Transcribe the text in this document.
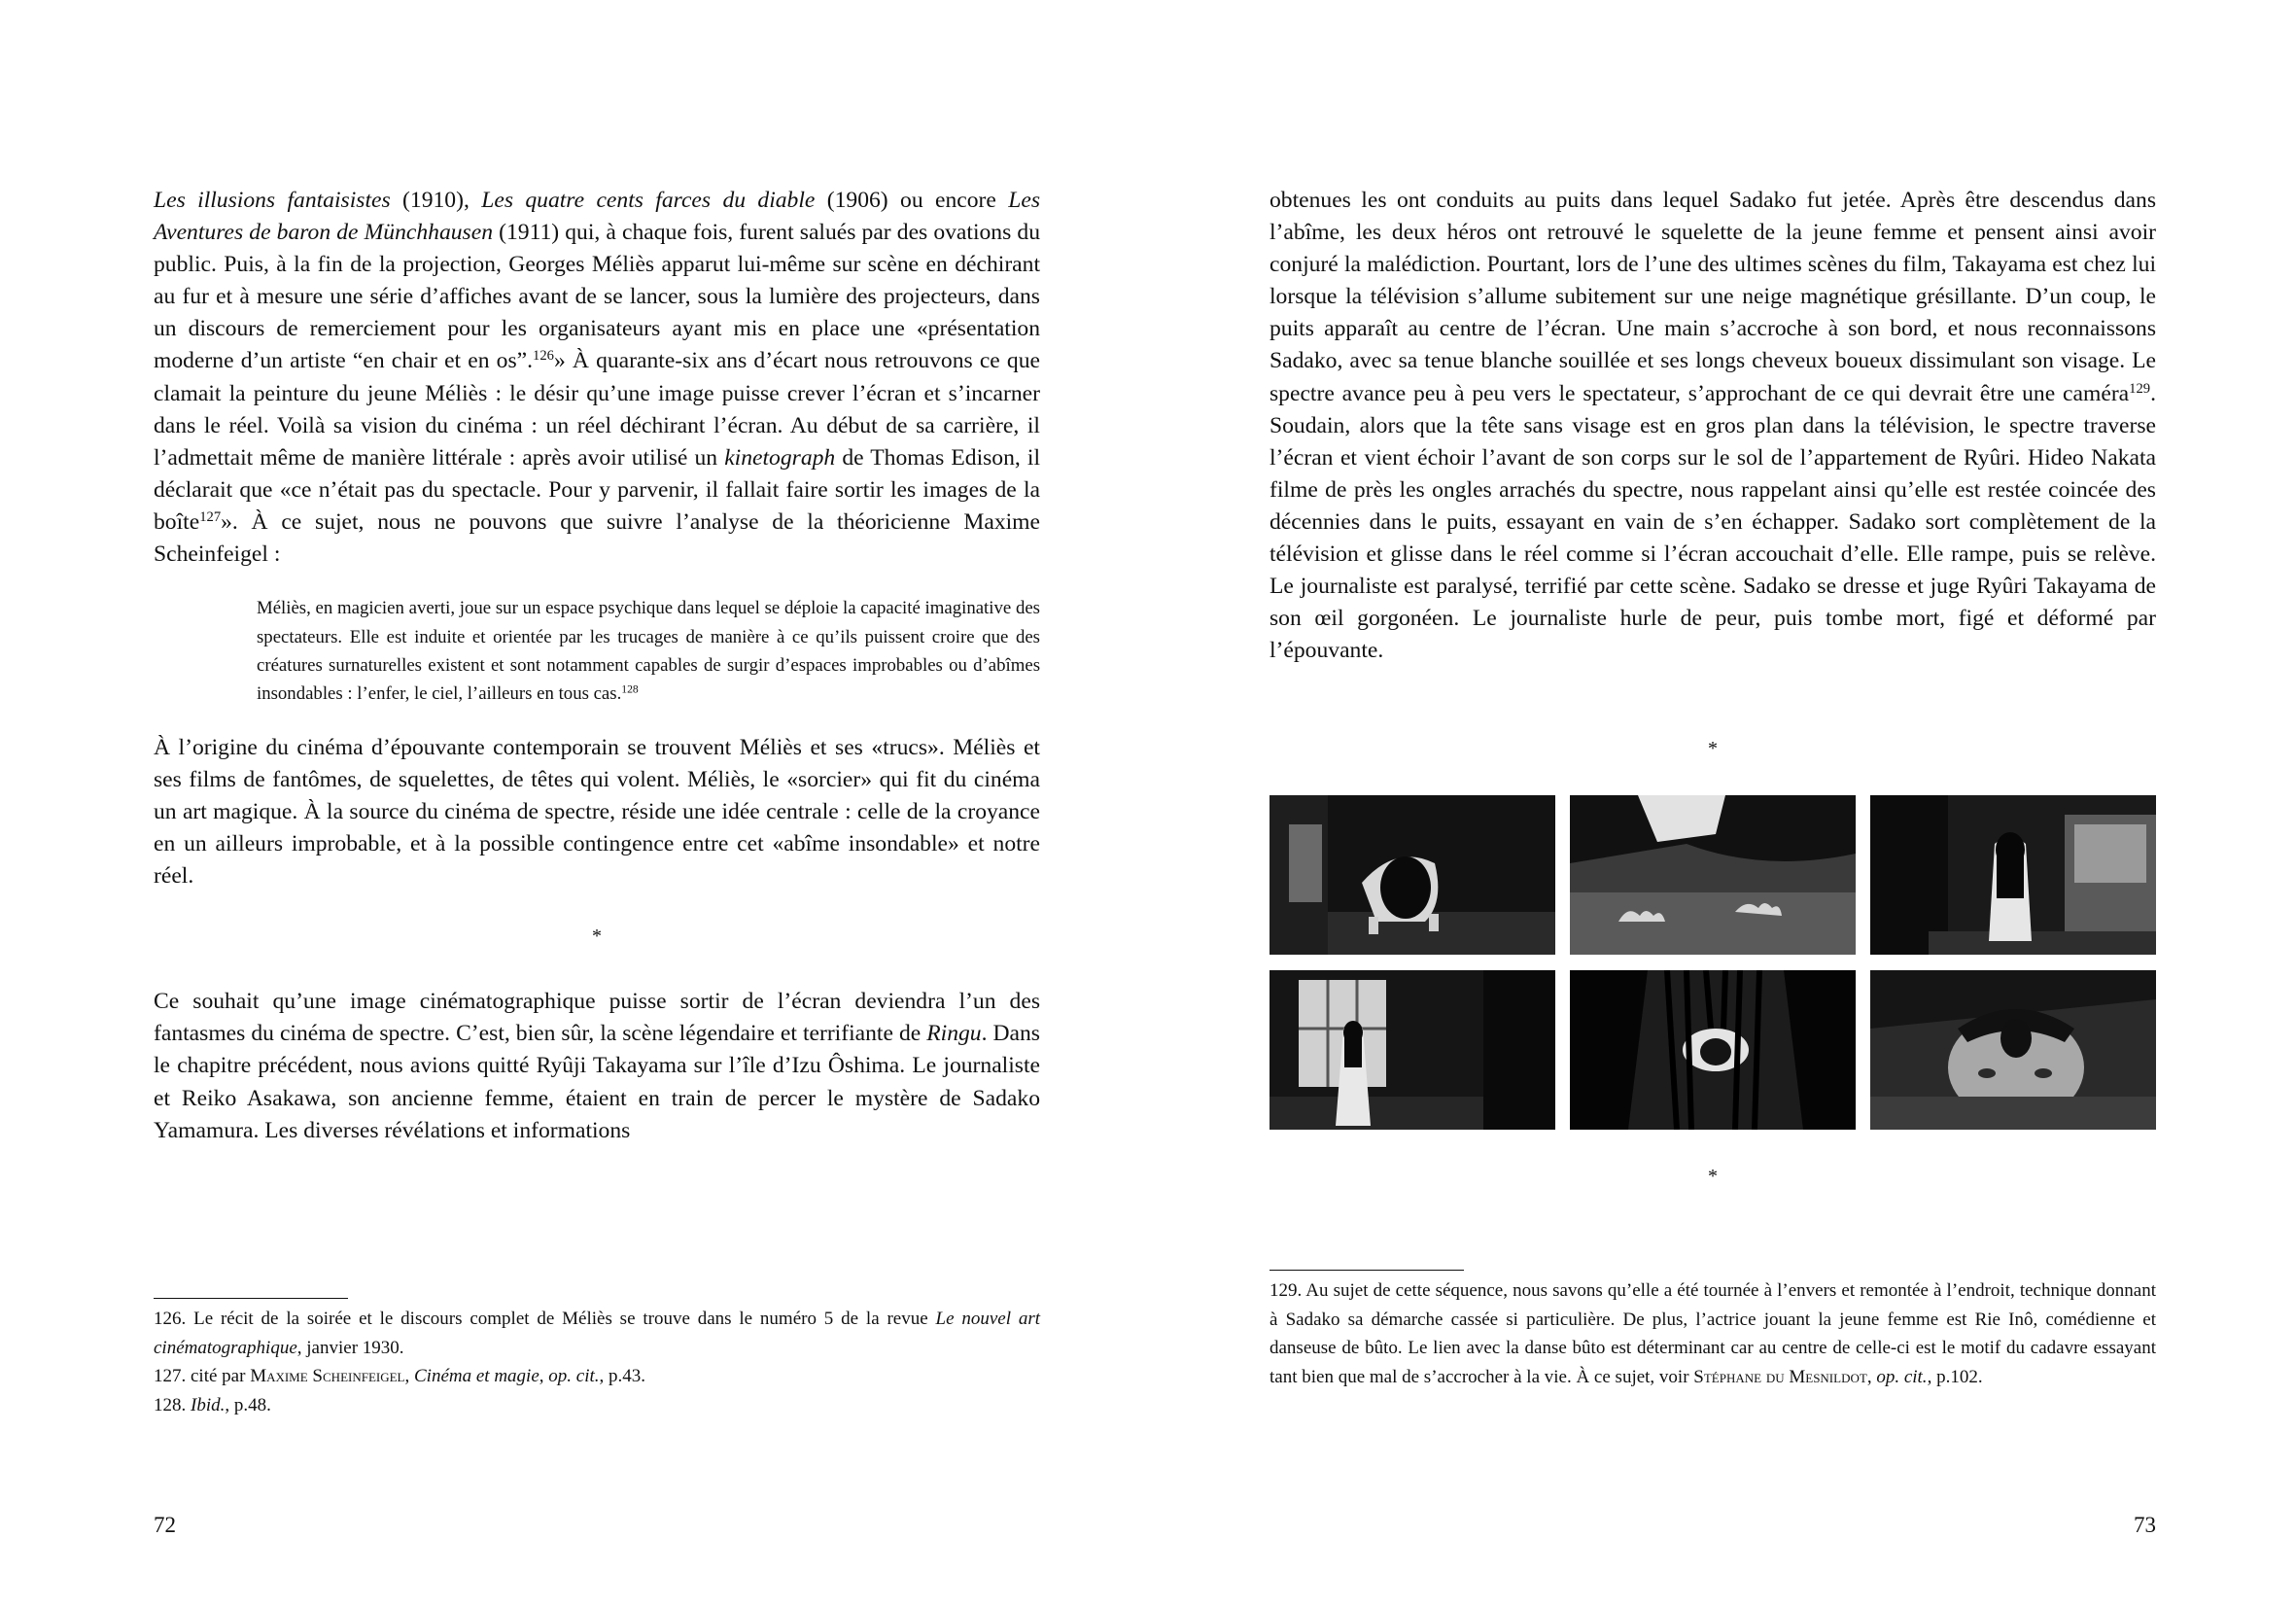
Les illusions fantaisistes (1910), Les quatre cents farces du diable (1906) ou encore Les Aventures de baron de Münchhausen (1911) qui, à chaque fois, furent salués par des ovations du public. Puis, à la fin de la projection, Georges Méliès apparut lui-même sur scène en déchirant au fur et à mesure une série d’affiches avant de se lancer, sous la lumière des projecteurs, dans un discours de remerciement pour les organisateurs ayant mis en place une «présentation moderne d’un artiste “en chair et en os”.$^{126}$» À quarante-six ans d’écart nous retrouvons ce que clamait la peinture du jeune Méliès : le désir qu’une image puisse crever l’écran et s’incarner dans le réel. Voilà sa vision du cinéma : un réel déchirant l’écran. Au début de sa carrière, il l’admettait même de manière littérale : après avoir utilisé un kinetograph de Thomas Edison, il déclarait que «ce n’était pas du spectacle. Pour y parvenir, il fallait faire sortir les images de la boîte$^{127}$». À ce sujet, nous ne pouvons que suivre l’analyse de la théoricienne Maxime Scheinfeigel :

Méliès, en magicien averti, joue sur un espace psychique dans lequel se déploie la capacité imaginative des spectateurs. Elle est induite et orientée par les trucages de manière à ce qu’ils puissent croire que des créatures surnaturelles existent et sont notamment capables de surgir d’espaces improbables ou d’abîmes insondables : l’enfer, le ciel, l’ailleurs en tous cas.$^{128}$

À l’origine du cinéma d’épouvante contemporain se trouvent Méliès et ses «trucs». Méliès et ses films de fantômes, de squelettes, de têtes qui volent. Méliès, le «sorcier» qui fit du cinéma un art magique. À la source du cinéma de spectre, réside une idée centrale : celle de la croyance en un ailleurs improbable, et à la possible contingence entre cet «abîme insondable» et notre réel.

*

Ce souhait qu’une image cinématographique puisse sortir de l’écran deviendra l’un des fantasmes du cinéma de spectre. C’est, bien sûr, la scène légendaire et terrifiante de Ringu. Dans le chapitre précédent, nous avions quitté Ryûji Takayama sur l’île d’Izu Ôshima. Le journaliste et Reiko Asakawa, son ancienne femme, étaient en train de percer le mystère de Sadako Yamamura. Les diverses révélations et informations

126. Le récit de la soirée et le discours complet de Méliès se trouve dans le numéro 5 de la revue Le nouvel art cinématographique, janvier 1930.

127. cité par Maxime Scheinfeigel, Cinéma et magie, op. cit., p.43.

128. Ibid., p.48.

72

obtenues les ont conduits au puits dans lequel Sadako fut jetée. Après être descendus dans l’abîme, les deux héros ont retrouvé le squelette de la jeune femme et pensent ainsi avoir conjuré la malédiction. Pourtant, lors de l’une des ultimes scènes du film, Takayama est chez lui lorsque la télévision s’allume subitement sur une neige magnétique grésillante. D’un coup, le puits apparaît au centre de l’écran. Une main s’accroche à son bord, et nous reconnaissons Sadako, avec sa tenue blanche souillée et ses longs cheveux boueux dissimulant son visage. Le spectre avance peu à peu vers le spectateur, s’approchant de ce qui devrait être une caméra$^{129}$. Soudain, alors que la tête sans visage est en gros plan dans la télévision, le spectre traverse l’écran et vient échoir l’avant de son corps sur le sol de l’appartement de Ryûri. Hideo Nakata filme de près les ongles arrachés du spectre, nous rappelant ainsi qu’elle est restée coincée des décennies dans le puits, essayant en vain de s’en échapper. Sadako sort complètement de la télévision et glisse dans le réel comme si l’écran accouchait d’elle. Elle rampe, puis se relève. Le journaliste est paralysé, terrifié par cette scène. Sadako se dresse et juge Ryûri Takayama de son œil gorgonéen. Le journaliste hurle de peur, puis tombe mort, figé et déformé par l’épouvante.

*
*

129. Au sujet de cette séquence, nous savons qu’elle a été tournée à l’envers et remontée à l’endroit, technique donnant à Sadako sa démarche cassée si particulière. De plus, l’actrice jouant la jeune femme est Rie Inô, comédienne et danseuse de bûto. Le lien avec la danse bûto est déterminant car au centre de celle-ci est le motif du cadavre essayant tant bien que mal de s’accrocher à la vie. À ce sujet, voir Stéphane du Mesnildot, op. cit., p.102.

73
